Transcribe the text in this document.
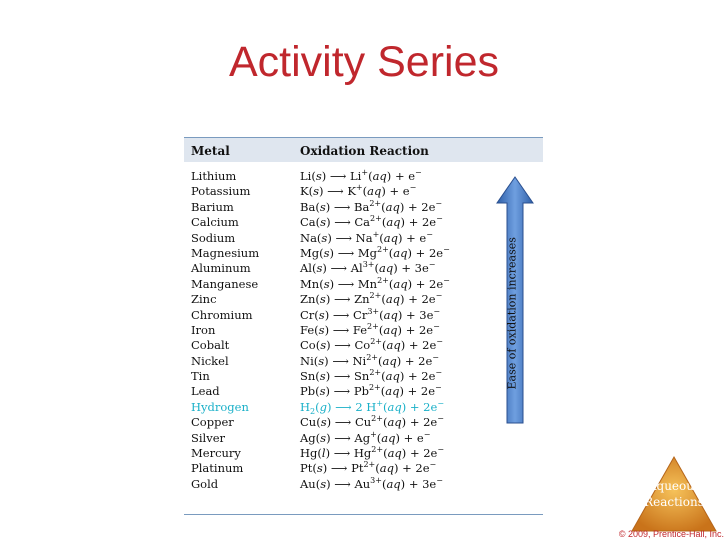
Activity Series
Metal	Oxidation Reaction
Lithium	Li(s) ⟶ Li+(aq) + e−
Potassium	K(s) ⟶ K+(aq) + e−
Barium	Ba(s) ⟶ $Ba^{2+}(aq) + 2e^-$
Calcium	Ca(s) ⟶ $Ca^{2+}(aq) + 2e^-$
Sodium	Na(s) ⟶ Na+(aq) + e−
Magnesium	Mg(s) ⟶ $Mg^{2+}(aq) + 2e^-$
Aluminum	Al(s) ⟶ $Al^{3+}(aq) + 3e^-$
Manganese	Mn(s) ⟶ $Mn^{2+}(aq) + 2e^-$
Zinc	Zn(s) ⟶ $Zn^{2+}(aq) + 2e^-$
Chromium	Cr(s) ⟶ $Cr^{3+}(aq) + 3e^-$
Iron	Fe(s) ⟶ $Fe^{2+}(aq) + 2e^-$
Cobalt	Co(s) ⟶ $Co^{2+}(aq) + 2e^-$
Nickel	Ni(s) ⟶ $Ni^{2+}(aq) + 2e^-$
Tin	Sn(s) ⟶ $Sn^{2+}(aq) + 2e^-$
Lead	Pb(s) ⟶ $Pb^{2+}(aq) + 2e^-$
Hydrogen	$H_2(g)$ ⟶ 2 H+(aq) + 2e−
Copper	Cu(s) ⟶ $Cu^{2+}(aq) + 2e^-$
Silver	Ag(s) ⟶ Ag+(aq) + e−
Mercury	Hg(l) ⟶ $Hg^{2+}(aq) + 2e^-$
Platinum	Pt(s) ⟶ $Pt^{2+}(aq) + 2e^-$
Gold	Au(s) ⟶ $Au^{3+}(aq) + 3e^-$
Ease of oxidation increases
Aqueous
Reactions
© 2009, Prentice-Hall, Inc.
